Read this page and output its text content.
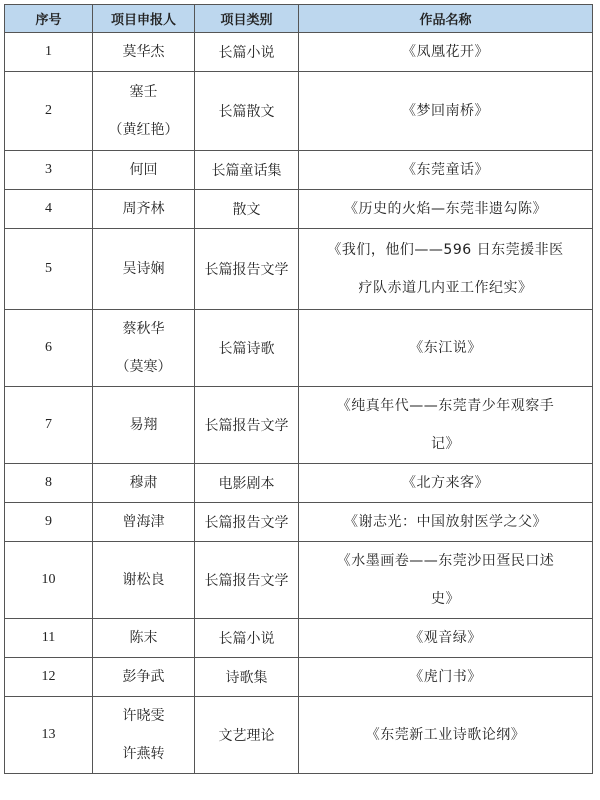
序号	项目申报人	项目类别	作品名称
1	莫华杰	长篇小说	《凤凰花开》

2	塞壬
（黄红艳）	长篇散文	《梦回南桥》

3	何回	长篇童话集	《东莞童话》

4	周齐林	散文	《历史的火焰—东莞非遗勾陈》

5	吴诗娴	长篇报告文学	《我们，他们——596 日东莞援非医
疗队赤道几内亚工作纪实》

6	蔡秋华
（莫寒）	长篇诗歌	《东江说》

7	易翔	长篇报告文学	《纯真年代——东莞青少年观察手
记》

8	穆肃	电影剧本	《北方来客》

9	曾海津	长篇报告文学	《谢志光：中国放射医学之父》

10	谢松良	长篇报告文学	《水墨画卷——东莞沙田疍民口述
史》

11	陈末	长篇小说	《观音绿》

12	彭争武	诗歌集	《虎门书》

13	许晓雯
许燕转	文艺理论	《东莞新工业诗歌论纲》
